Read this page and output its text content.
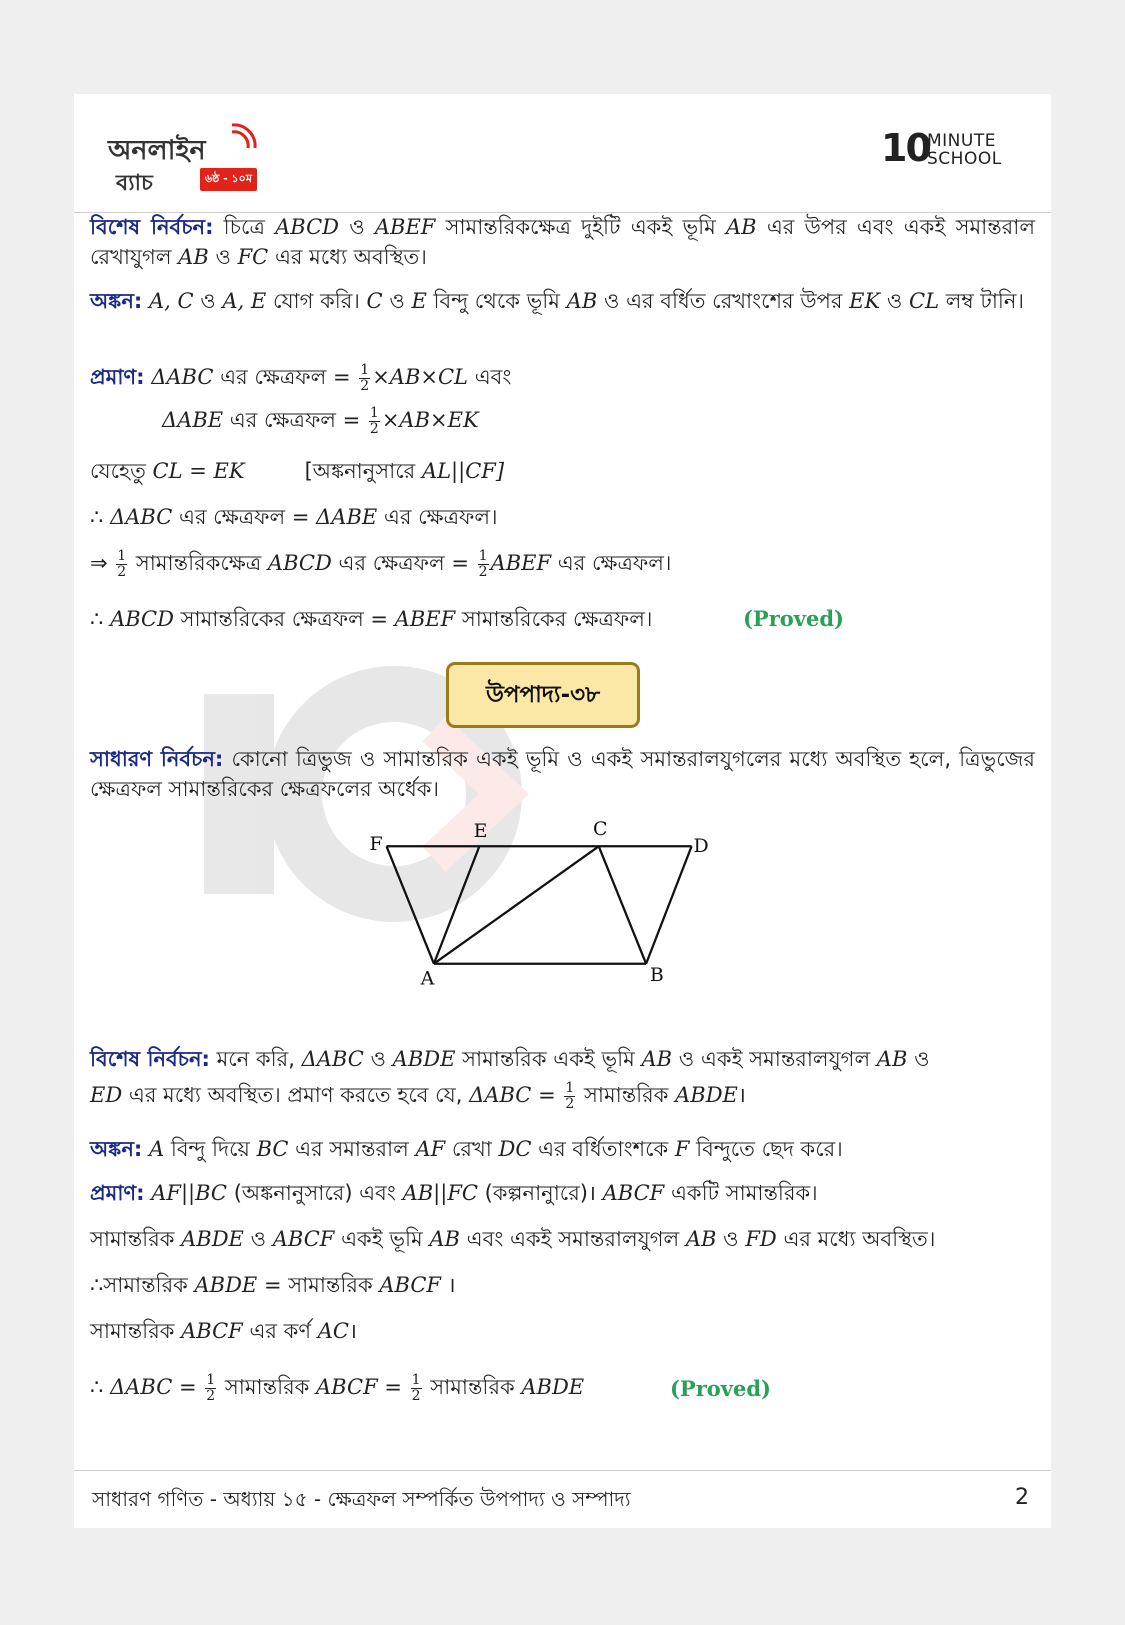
অনলাইন
ব্যাচ	৬ষ্ঠ - ১০ম
10
MINUTE
SCHOOL

বিশেষ নির্বচন: চিত্রে ABCD ও ABEF সামান্তরিকক্ষেত্র দুইটি একই ভূমি AB এর উপর এবং একই সমান্তরাল রেখাযুগল AB ও FC এর মধ্যে অবস্থিত।

অঙ্কন: A, C ও A, E যোগ করি। C ও E বিন্দু থেকে ভূমি AB ও এর বর্ধিত রেখাংশের উপর EK ও CL লম্ব টানি।

প্রমাণ: ΔABC এর ক্ষেত্রফল = $\frac{1}{2} \times AB\times CL$ এবং

ΔABE এর ক্ষেত্রফল = $\frac{1}{2} \times AB\times EK$

যেহেতু CL = EK	[অঙ্কনানুসারে AL||CF]

∴ ΔABC এর ক্ষেত্রফল = ΔABE এর ক্ষেত্রফল।

⇒ $\frac{1}{2}$ সামান্তরিকক্ষেত্র ABCD এর ক্ষেত্রফল = $\frac{1}{2}$ ABEF এর ক্ষেত্রফল।

∴ ABCD সামান্তরিকের ক্ষেত্রফল = ABEF সামান্তরিকের ক্ষেত্রফল।	(Proved)
উপপাদ্য-৩৮

সাধারণ নির্বচন: কোনো ত্রিভুজ ও সামান্তরিক একই ভূমি ও একই সমান্তরালযুগলের মধ্যে অবস্থিত হলে, ত্রিভুজের ক্ষেত্রফল সামান্তরিকের ক্ষেত্রফলের অর্ধেক।

F
E	C
D
A	B

বিশেষ নির্বচন: মনে করি, ΔABC ও ABDE সামান্তরিক একই ভূমি AB ও একই সমান্তরালযুগল AB ও

ED এর মধ্যে অবস্থিত। প্রমাণ করতে হবে যে, $\Delta ABC = \frac{1}{2}$ সামান্তরিক ABDE।

অঙ্কন: A বিন্দু দিয়ে BC এর সমান্তরাল AF রেখা DC এর বর্ধিতাংশকে F বিন্দুতে ছেদ করে।

প্রমাণ: AF||BC (অঙ্কনানুসারে) এবং AB||FC (কল্পনানুারে)। ABCF একটি সামান্তরিক।

সামান্তরিক ABDE ও ABCF একই ভূমি AB এবং একই সমান্তরালযুগল AB ও FD এর মধ্যে অবস্থিত।

∴সামান্তরিক ABDE = সামান্তরিক ABCF ।

সামান্তরিক ABCF এর কর্ণ AC।

∴ $\Delta ABC = \frac{1}{2}$ সামান্তরিক ABCF = $\frac{1}{2}$ সামান্তরিক ABDE	(Proved)
সাধারণ গণিত - অধ্যায় ১৫ - ক্ষেত্রফল সম্পর্কিত উপপাদ্য ও সম্পাদ্য	2
